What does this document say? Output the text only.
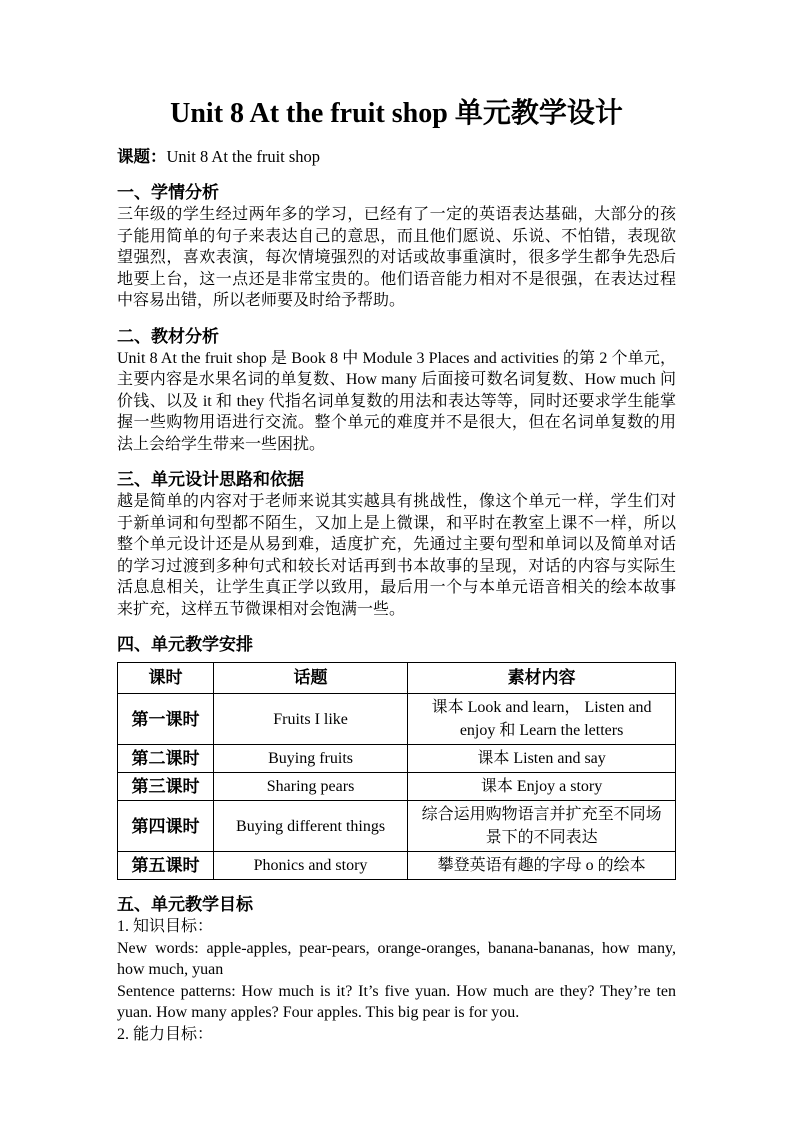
Unit 8 At the fruit shop 单元教学设计

课题：Unit 8 At the fruit shop

一、学情分析

三年级的学生经过两年多的学习，已经有了一定的英语表达基础，大部分的孩子能用简单的句子来表达自己的意思，而且他们愿说、乐说、不怕错，表现欲望强烈，喜欢表演，每次情境强烈的对话或故事重演时，很多学生都争先恐后地要上台，这一点还是非常宝贵的。他们语音能力相对不是很强，在表达过程中容易出错，所以老师要及时给予帮助。

二、教材分析

Unit 8 At the fruit shop 是 Book 8 中 Module 3 Places and activities 的第 2 个单元，主要内容是水果名词的单复数、How many 后面接可数名词复数、How much 问价钱、以及 it 和 they 代指名词单复数的用法和表达等等，同时还要求学生能掌握一些购物用语进行交流。整个单元的难度并不是很大，但在名词单复数的用法上会给学生带来一些困扰。

三、单元设计思路和依据

越是简单的内容对于老师来说其实越具有挑战性，像这个单元一样，学生们对于新单词和句型都不陌生，又加上是上微课，和平时在教室上课不一样，所以整个单元设计还是从易到难，适度扩充，先通过主要句型和单词以及简单对话的学习过渡到多种句式和较长对话再到书本故事的呈现，对话的内容与实际生活息息相关，让学生真正学以致用，最后用一个与本单元语音相关的绘本故事来扩充，这样五节微课相对会饱满一些。

四、单元教学安排
课时	话题	素材内容
第一课时	Fruits I like	课本 Look and learn， Listen and enjoy 和 Learn the letters
第二课时	Buying fruits	课本 Listen and say
第三课时	Sharing pears	课本 Enjoy a story
第四课时	Buying different things	综合运用购物语言并扩充至不同场景下的不同表达
第五课时	Phonics and story	攀登英语有趣的字母 o 的绘本
五、单元教学目标

1. 知识目标：

New words: apple-apples, pear-pears, orange-oranges, banana-bananas, how many, how much, yuan

Sentence patterns: How much is it? It’s five yuan. How much are they? They’re ten yuan. How many apples? Four apples. This big pear is for you.

2. 能力目标：
